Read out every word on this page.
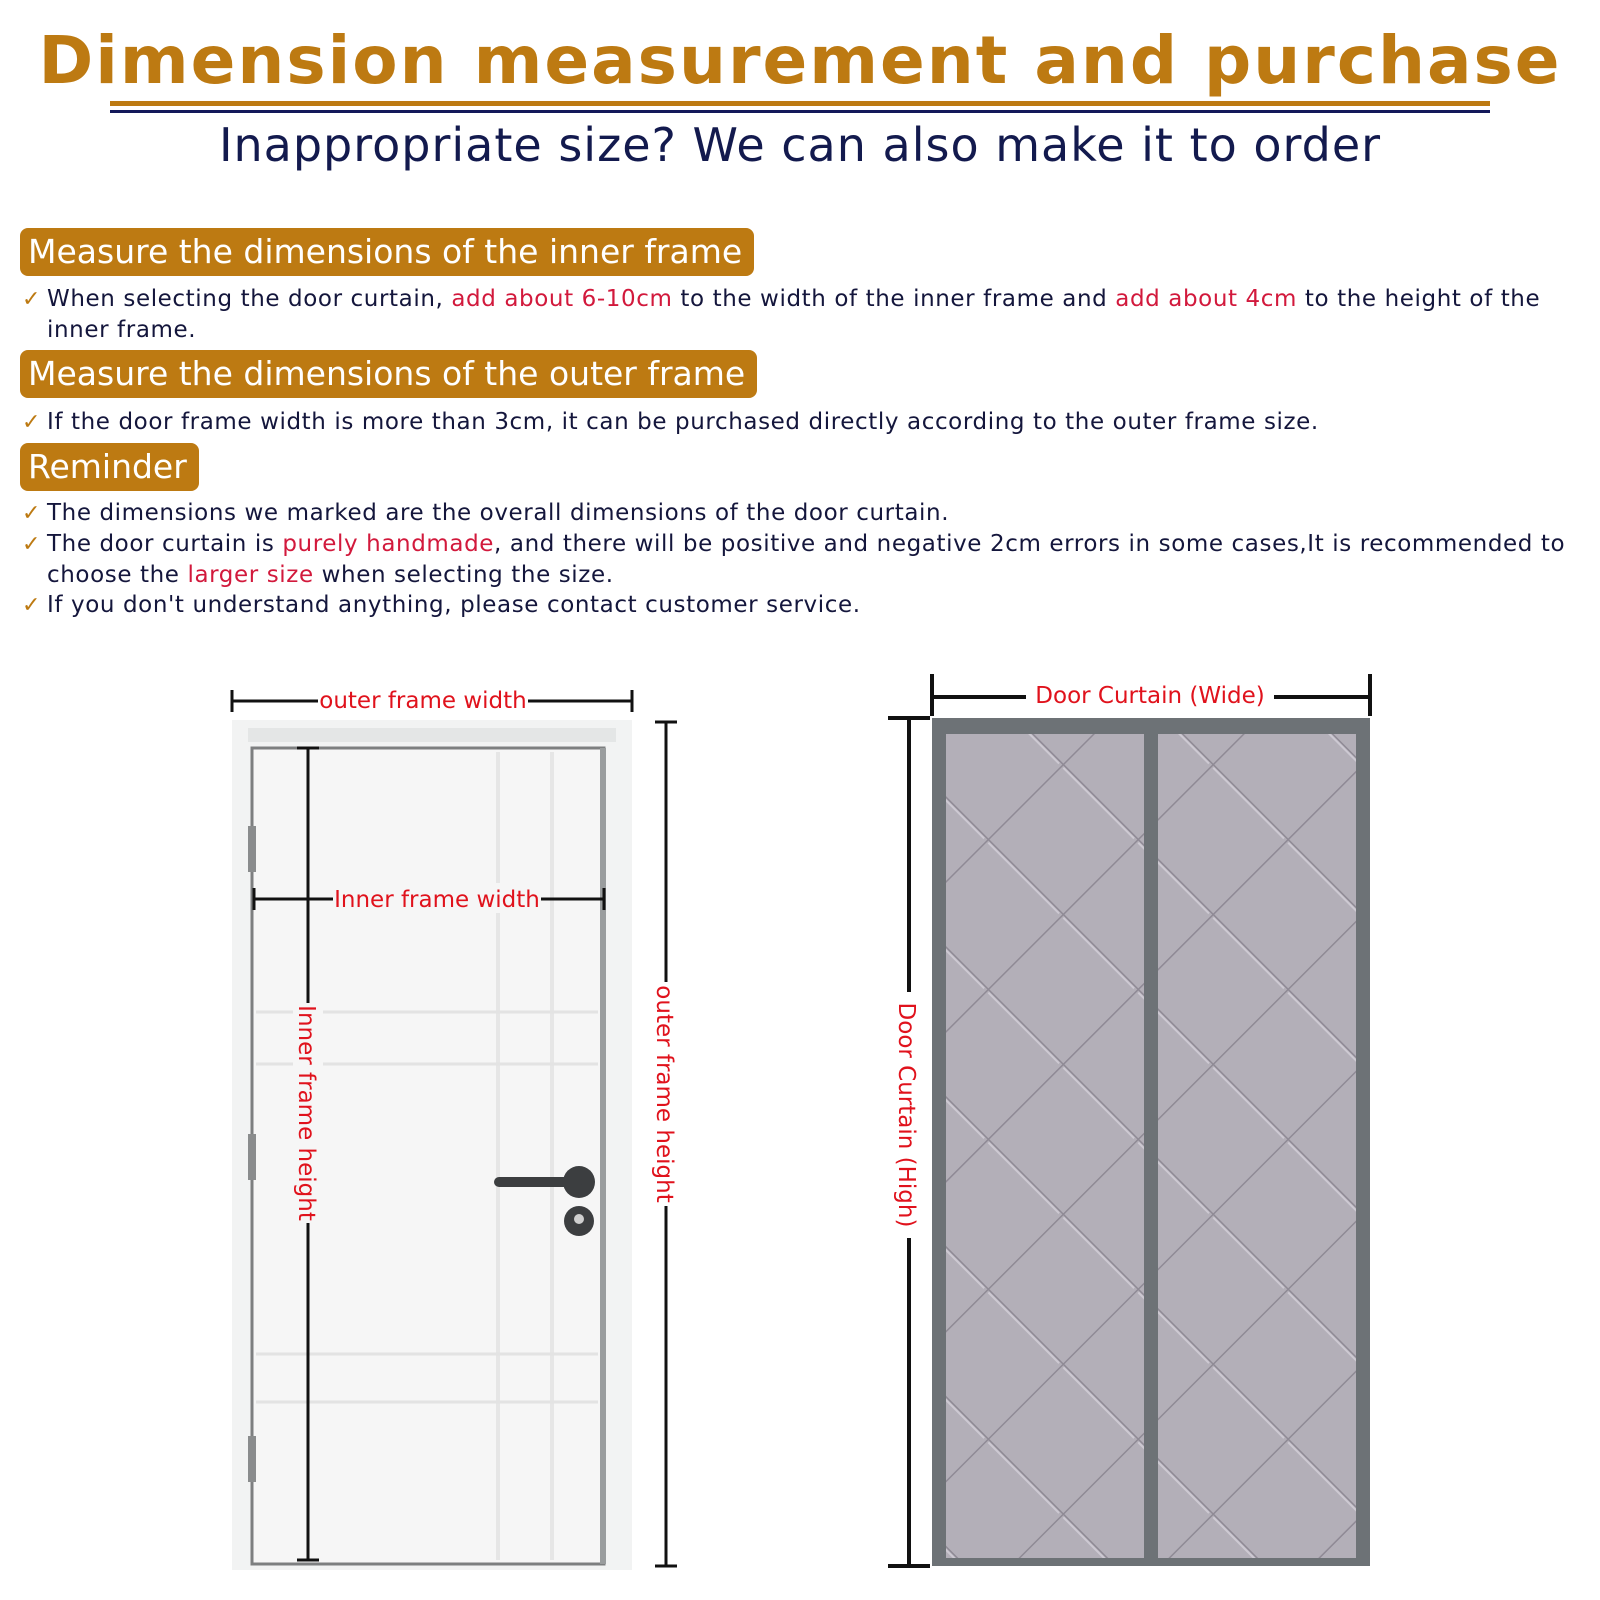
Dimension measurement and purchase
Inappropriate size? We can also make it to order
Measure the dimensions of the inner frame
✓ When selecting the door curtain, add about 6-10cm to the width of the inner frame and add about 4cm to the height of the inner frame.
Measure the dimensions of the outer frame
✓ If the door frame width is more than 3cm, it can be purchased directly according to the outer frame size.
Reminder
✓ The dimensions we marked are the overall dimensions of the door curtain.
✓ The door curtain is purely handmade, and there will be positive and negative 2cm errors in some cases,It is recommended to choose the larger size when selecting the size.
✓ If you don't understand anything, please contact customer service.
outer frame width
Inner frame width
Inner frame height	outer frame height
Door Curtain (Wide)
Door Curtain (High)
